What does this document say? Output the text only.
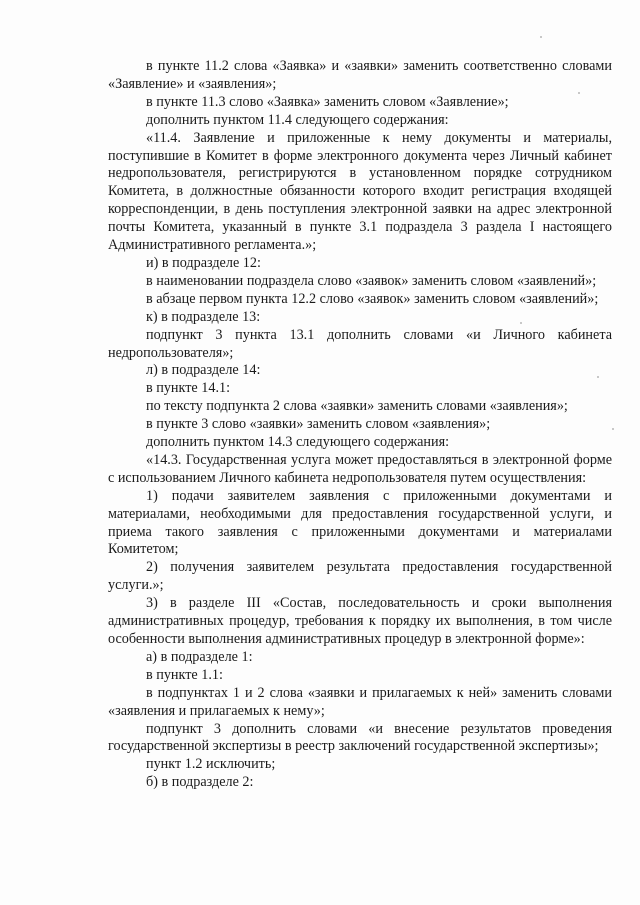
в пункте 11.2 слова «Заявка» и «заявки» заменить соответственно словами «Заявление» и «заявления»;

в пункте 11.3 слово «Заявка» заменить словом «Заявление»;

дополнить пунктом 11.4 следующего содержания:

«11.4. Заявление и приложенные к нему документы и материалы, поступившие в Комитет в форме электронного документа через Личный кабинет недропользователя, регистрируются в установленном порядке сотрудником Комитета, в должностные обязанности которого входит регистрация входящей корреспонденции, в день поступления электронной заявки на адрес электронной почты Комитета, указанный в пункте 3.1 подраздела 3 раздела I настоящего Административного регламента.»;

и) в подразделе 12:

в наименовании подраздела слово «заявок» заменить словом «заявлений»;

в абзаце первом пункта 12.2 слово «заявок» заменить словом «заявлений»;

к) в подразделе 13:

подпункт 3 пункта 13.1 дополнить словами «и Личного кабинета недропользователя»;

л) в подразделе 14:

в пункте 14.1:

по тексту подпункта 2 слова «заявки» заменить словами «заявления»;

в пункте 3 слово «заявки» заменить словом «заявления»;

дополнить пунктом 14.3 следующего содержания:

«14.3. Государственная услуга может предоставляться в электронной форме с использованием Личного кабинета недропользователя путем осуществления:

1) подачи заявителем заявления с приложенными документами и материалами, необходимыми для предоставления государственной услуги, и приема такого заявления с приложенными документами и материалами Комитетом;

2) получения заявителем результата предоставления государственной услуги.»;

3) в разделе III «Состав, последовательность и сроки выполнения административных процедур, требования к порядку их выполнения, в том числе особенности выполнения административных процедур в электронной форме»:

а) в подразделе 1:

в пункте 1.1:

в подпунктах 1 и 2 слова «заявки и прилагаемых к ней» заменить словами «заявления и прилагаемых к нему»;

подпункт 3 дополнить словами «и внесение результатов проведения государственной экспертизы в реестр заключений государственной экспертизы»;

пункт 1.2 исключить;

б) в подразделе 2:
